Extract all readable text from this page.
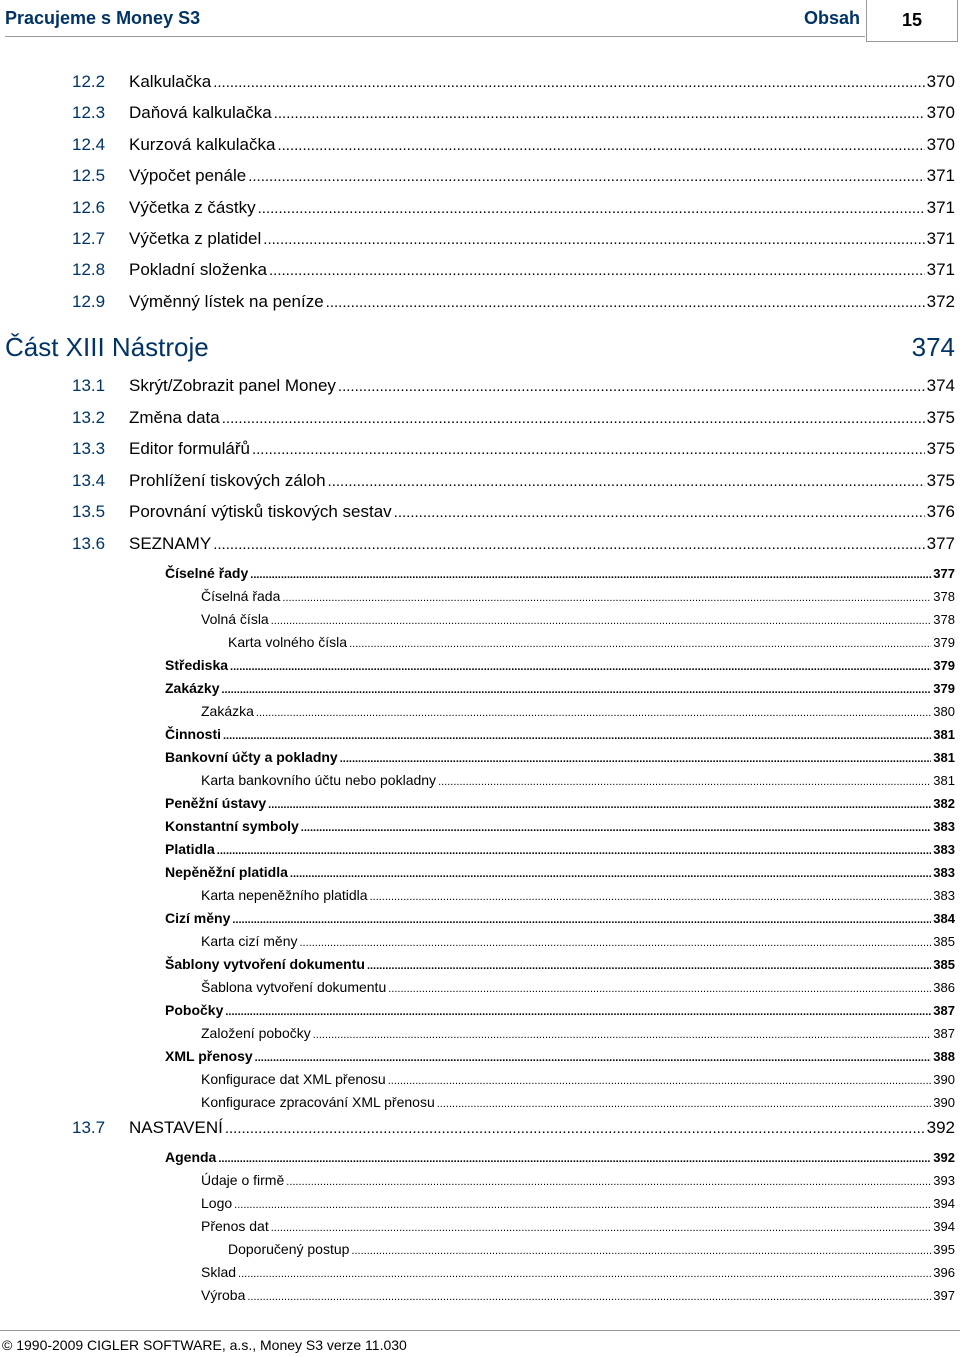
Pracujeme s Money S3	Obsah	15
12.2 Kalkulačka .....	370
12.3 Daňová kalkulačka .....	370
12.4 Kurzová kalkulačka .....	370
12.5 Výpočet penále .....	371
12.6 Výčetka z částky .....	371
12.7 Výčetka z platidel .....	371
12.8 Pokladní složenka .....	371
12.9 Výměnný lístek na peníze .....	372
Část XIII Nástroje	374
13.1 Skrýt/Zobrazit panel Money .....	374
13.2 Změna data .....	375
13.3 Editor formulářů .....	375
13.4 Prohlížení tiskových záloh .....	375
13.5 Porovnání výtisků tiskových sestav .....	376
13.6 SEZNAMY .....	377
Číselné řady .....	377
Číselná řada .....	378
Volná čísla .....	378
Karta volného čísla .....	379
Střediska .....	379
Zakázky .....	379
Zakázka .....	380
Činnosti .....	381
Bankovní účty a pokladny .....	381
Karta bankovního účtu nebo pokladny .....	381
Peněžní ústavy .....	382
Konstantní symboly .....	383
Platidla .....	383
Nepěněžní platidla .....	383
Karta nepeněžního platidla .....	383
Cizí měny .....	384
Karta cizí měny .....	385
Šablony vytvoření dokumentu .....	385
Šablona vytvoření dokumentu .....	386
Pobočky .....	387
Založení pobočky .....	387
XML přenosy .....	388
Konfigurace dat XML přenosu .....	390
Konfigurace zpracování XML přenosu .....	390
13.7 NASTAVENÍ .....	392
Agenda .....	392
Údaje o firmě .....	393
Logo .....	394
Přenos dat .....	394
Doporučený postup .....	395
Sklad .....	396
Výroba .....	397
© 1990-2009 CIGLER SOFTWARE, a.s., Money S3 verze 11.030
